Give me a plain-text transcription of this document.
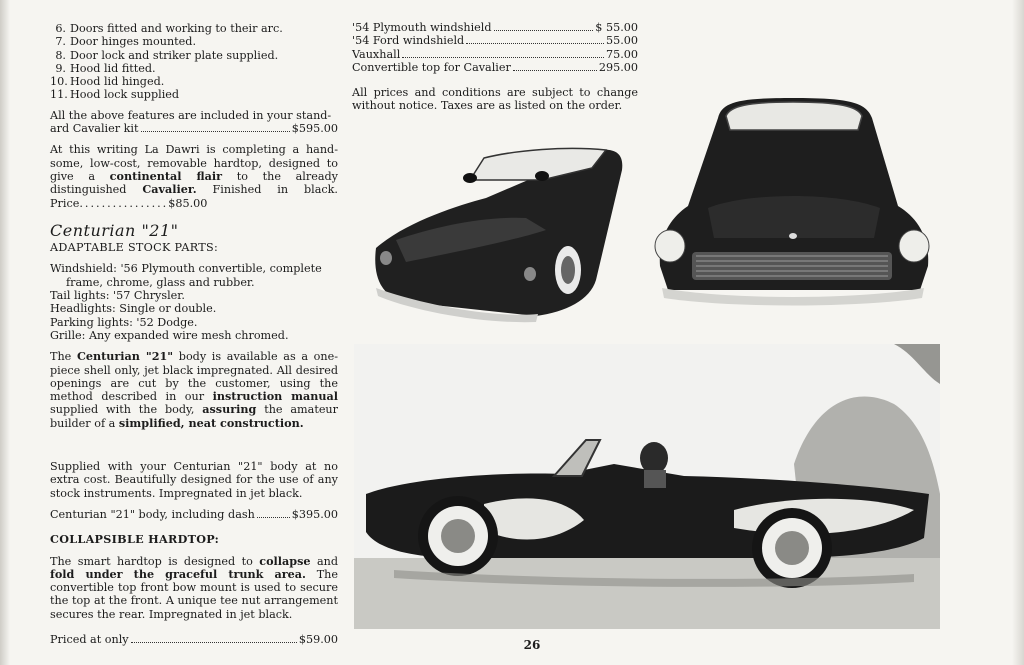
6. Doors fitted and working to their arc.
7. Door hinges mounted.
8. Door lock and striker plate supplied.
9. Hood lid fitted.
10. Hood lid hinged.
11. Hood lock supplied
All the above features are included in your stand-
ard Cavalier kit	$595.00
At this writing La Dawri is completing a hand-some, low-cost, removable hardtop, designed to give a continental flair to the already distinguished Cavalier. Finished in black. Price................$85.00
Centurian "21"
ADAPTABLE STOCK PARTS:

Windshield: '56 Plymouth convertible, complete

frame, chrome, glass and rubber.

Tail lights: '57 Chrysler.

Headlights: Single or double.

Parking lights: '52 Dodge.

Grille: Any expanded wire mesh chromed.

The Centurian "21" body is available as a one-piece shell only, jet black impregnated. All desired openings are cut by the customer, using the method described in our instruction manual supplied with the body, assuring the amateur builder of a simplified, neat construction.
Supplied with your Centurian "21" body at no extra cost. Beautifully designed for the use of any stock instruments. Impregnated in jet black.
Centurian "21" body, including dash	$395.00
COLLAPSIBLE HARDTOP:
The smart hardtop is designed to collapse and fold under the graceful trunk area. The convertible top front bow mount is used to secure the top at the front. A unique tee nut arrangement secures the rear. Impregnated in jet black.
Priced at only	$59.00
'54 Plymouth windshield	$ 55.00
'54 Ford windshield	55.00
Vauxhall	75.00
Convertible top for Cavalier	295.00
All prices and conditions are subject to change without notice. Taxes are as listed on the order.
26
